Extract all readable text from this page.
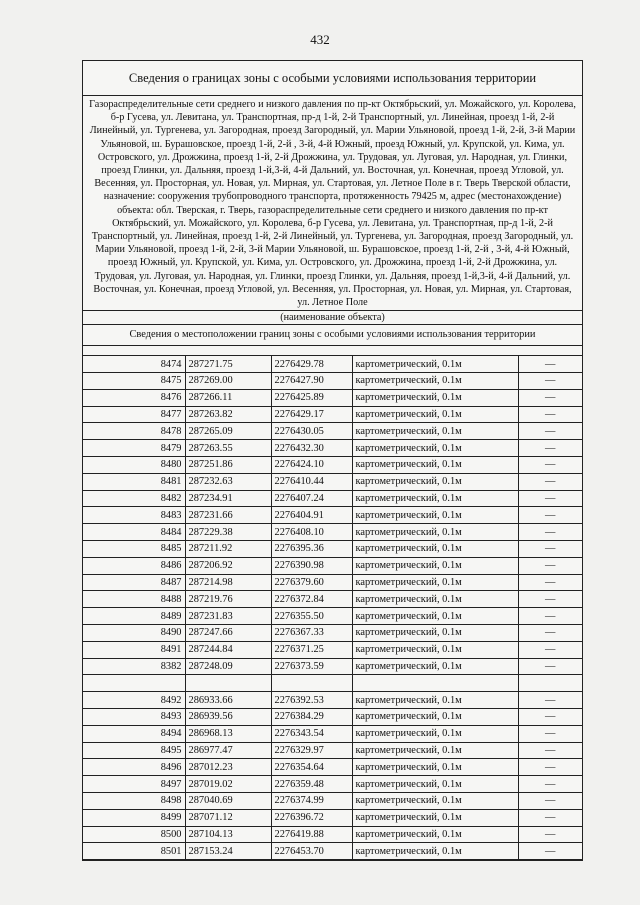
432
Сведения о границах зоны с особыми условиями использования территории
Газораспределительные сети среднего и низкого давления по пр-кт Октябрьский, ул. Можайского, ул. Королева, б-р Гусева, ул. Левитана, ул. Транспортная, пр-д 1-й, 2-й Транспортный, ул. Линейная, проезд 1-й, 2-й Линейный, ул. Тургенева, ул. Загородная, проезд Загородный, ул. Марии Ульяновой, проезд 1-й, 2-й, 3-й Марии Ульяновой, ш. Бурашовское, проезд 1-й, 2-й , 3-й, 4-й Южный, проезд Южный, ул. Крупской, ул. Кима, ул. Островского, ул. Дрожжина, проезд 1-й, 2-й Дрожжина, ул. Трудовая, ул. Луговая, ул. Народная, ул. Глинки, проезд Глинки, ул. Дальняя, проезд 1-й,3-й, 4-й Дальний, ул. Восточная, ул. Конечная, проезд Угловой, ул. Весенняя, ул. Просторная, ул. Новая, ул. Мирная, ул. Стартовая, ул. Летное Поле в г. Тверь Тверской области, назначение: сооружения трубопроводного транспорта, протяженность 79425 м, адрес (местонахождение) объекта: обл. Тверская, г. Тверь, газораспределительные сети среднего и низкого давления по пр-кт Октябрьский, ул. Можайского, ул. Королева, б-р Гусева, ул. Левитана, ул. Транспортная, пр-д 1-й, 2-й Транспортный, ул. Линейная, проезд 1-й, 2-й Линейный, ул. Тургенева, ул. Загородная, проезд Загородный, ул. Марии Ульяновой, проезд 1-й, 2-й, 3-й Марии Ульяновой, ш. Бурашовское, проезд 1-й, 2-й , 3-й, 4-й Южный, проезд Южный, ул. Крупской, ул. Кима, ул. Островского, ул. Дрожжина, проезд 1-й, 2-й Дрожжина, ул. Трудовая, ул. Луговая, ул. Народная, ул. Глинки, проезд Глинки, ул. Дальняя, проезд 1-й,3-й, 4-й Дальний, ул. Восточная, ул. Конечная, проезд Угловой, ул. Весенняя, ул. Просторная, ул. Новая, ул. Мирная, ул. Стартовая, ул. Летное Поле
(наименование объекта)
Сведения о местоположении границ зоны с особыми условиями использования территории
8474	287271.75	2276429.78	картометрический, 0.1м	—
8475	287269.00	2276427.90	картометрический, 0.1м	—
8476	287266.11	2276425.89	картометрический, 0.1м	—
8477	287263.82	2276429.17	картометрический, 0.1м	—
8478	287265.09	2276430.05	картометрический, 0.1м	—
8479	287263.55	2276432.30	картометрический, 0.1м	—
8480	287251.86	2276424.10	картометрический, 0.1м	—
8481	287232.63	2276410.44	картометрический, 0.1м	—
8482	287234.91	2276407.24	картометрический, 0.1м	—
8483	287231.66	2276404.91	картометрический, 0.1м	—
8484	287229.38	2276408.10	картометрический, 0.1м	—
8485	287211.92	2276395.36	картометрический, 0.1м	—
8486	287206.92	2276390.98	картометрический, 0.1м	—
8487	287214.98	2276379.60	картометрический, 0.1м	—
8488	287219.76	2276372.84	картометрический, 0.1м	—
8489	287231.83	2276355.50	картометрический, 0.1м	—
8490	287247.66	2276367.33	картометрический, 0.1м	—
8491	287244.84	2276371.25	картометрический, 0.1м	—
8382	287248.09	2276373.59	картометрический, 0.1м	—

8492	286933.66	2276392.53	картометрический, 0.1м	—
8493	286939.56	2276384.29	картометрический, 0.1м	—
8494	286968.13	2276343.54	картометрический, 0.1м	—
8495	286977.47	2276329.97	картометрический, 0.1м	—
8496	287012.23	2276354.64	картометрический, 0.1м	—
8497	287019.02	2276359.48	картометрический, 0.1м	—
8498	287040.69	2276374.99	картометрический, 0.1м	—
8499	287071.12	2276396.72	картометрический, 0.1м	—
8500	287104.13	2276419.88	картометрический, 0.1м	—
8501	287153.24	2276453.70	картометрический, 0.1м	—
